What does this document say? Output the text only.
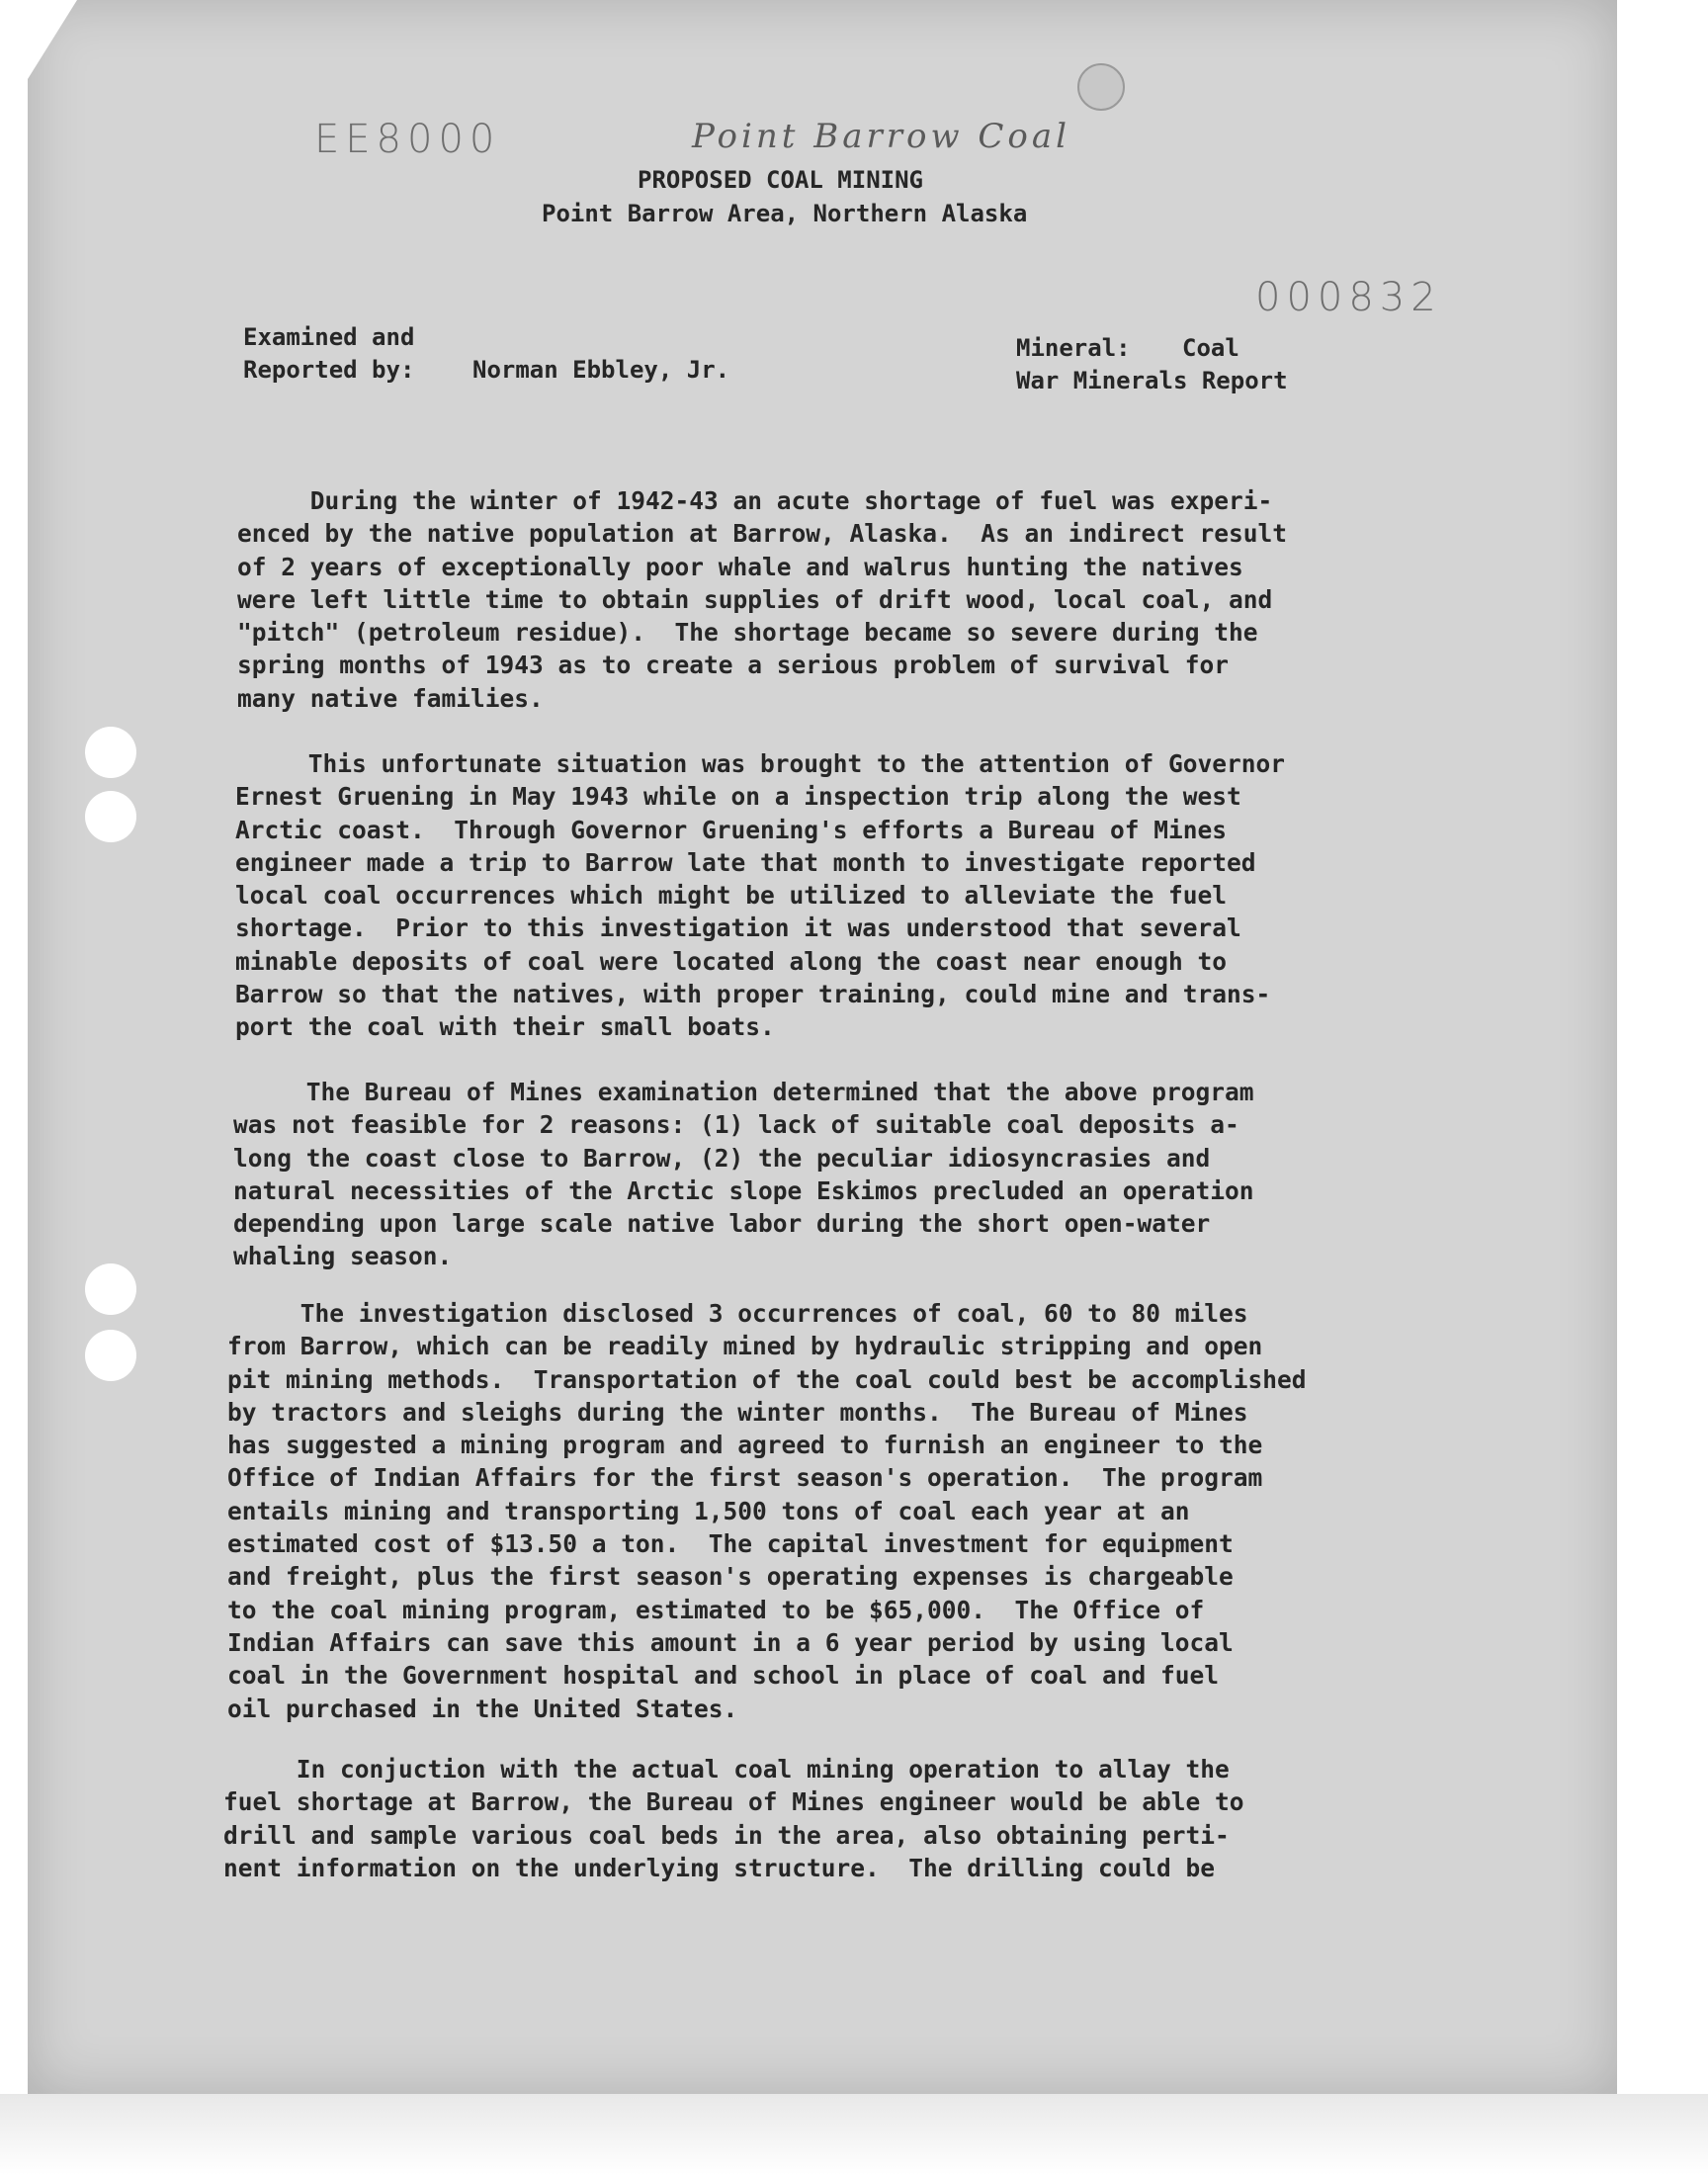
EE8000	Point Barrow Coal
000832
PROPOSED COAL MINING
Point Barrow Area, Northern Alaska
Examined and
Reported by: Norman Ebbley, Jr.
Mineral: Coal
War Minerals Report
During the winter of 1942-43 an acute shortage of fuel was experi-
enced by the native population at Barrow, Alaska.  As an indirect result
of 2 years of exceptionally poor whale and walrus hunting the natives
were left little time to obtain supplies of drift wood, local coal, and
"pitch" (petroleum residue).  The shortage became so severe during the
spring months of 1943 as to create a serious problem of survival for
many native families.
This unfortunate situation was brought to the attention of Governor
Ernest Gruening in May 1943 while on a inspection trip along the west
Arctic coast.  Through Governor Gruening's efforts a Bureau of Mines
engineer made a trip to Barrow late that month to investigate reported
local coal occurrences which might be utilized to alleviate the fuel
shortage.  Prior to this investigation it was understood that several
minable deposits of coal were located along the coast near enough to
Barrow so that the natives, with proper training, could mine and trans-
port the coal with their small boats.
The Bureau of Mines examination determined that the above program
was not feasible for 2 reasons: (1) lack of suitable coal deposits a-
long the coast close to Barrow, (2) the peculiar idiosyncrasies and
natural necessities of the Arctic slope Eskimos precluded an operation
depending upon large scale native labor during the short open-water
whaling season.
The investigation disclosed 3 occurrences of coal, 60 to 80 miles
from Barrow, which can be readily mined by hydraulic stripping and open
pit mining methods.  Transportation of the coal could best be accomplished
by tractors and sleighs during the winter months.  The Bureau of Mines
has suggested a mining program and agreed to furnish an engineer to the
Office of Indian Affairs for the first season's operation.  The program
entails mining and transporting 1,500 tons of coal each year at an
estimated cost of $13.50 a ton.  The capital investment for equipment
and freight, plus the first season's operating expenses is chargeable
to the coal mining program, estimated to be $65,000.  The Office of
Indian Affairs can save this amount in a 6 year period by using local
coal in the Government hospital and school in place of coal and fuel
oil purchased in the United States.
In conjuction with the actual coal mining operation to allay the
fuel shortage at Barrow, the Bureau of Mines engineer would be able to
drill and sample various coal beds in the area, also obtaining perti-
nent information on the underlying structure.  The drilling could be
